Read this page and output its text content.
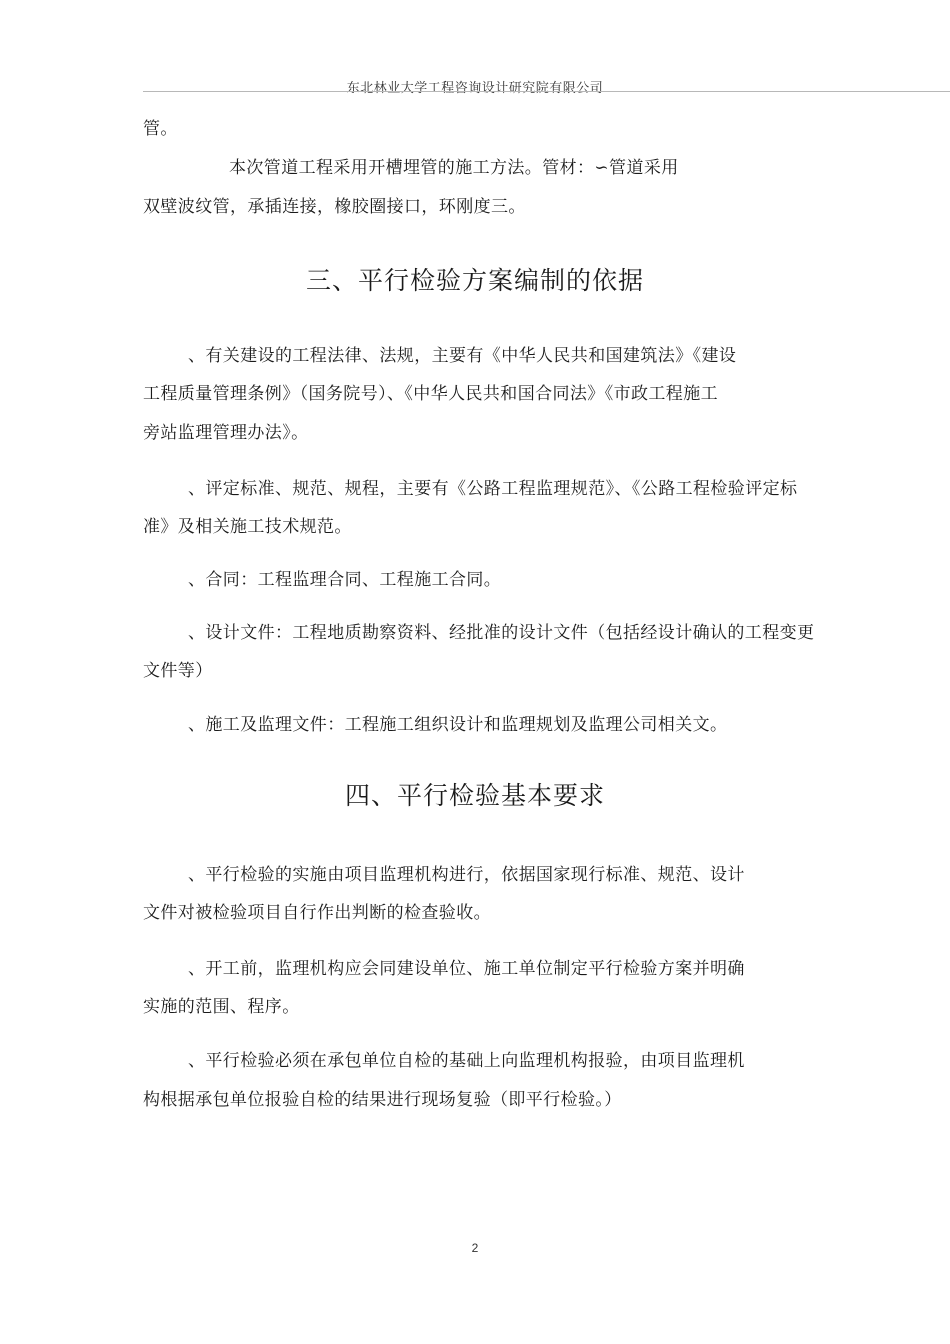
东北林业大学工程咨询设计研究院有限公司
管。
本次管道工程采用开槽埋管的施工方法。管材：∽管道采用
双壁波纹管，承插连接，橡胶圈接口，环刚度三。
三、平行检验方案编制的依据
、有关建设的工程法律、法规，主要有《中华人民共和国建筑法》《建设
工程质量管理条例》（国务院号）、《中华人民共和国合同法》《市政工程施工
旁站监理管理办法》。
、评定标准、规范、规程，主要有《公路工程监理规范》、《公路工程检验评定标
准》及相关施工技术规范。
、合同：工程监理合同、工程施工合同。
、设计文件：工程地质勘察资料、经批准的设计文件（包括经设计确认的工程变更
文件等）
、施工及监理文件：工程施工组织设计和监理规划及监理公司相关文。
四、平行检验基本要求
、平行检验的实施由项目监理机构进行，依据国家现行标准、规范、设计
文件对被检验项目自行作出判断的检查验收。
、开工前，监理机构应会同建设单位、施工单位制定平行检验方案并明确
实施的范围、程序。
、平行检验必须在承包单位自检的基础上向监理机构报验，由项目监理机
构根据承包单位报验自检的结果进行现场复验（即平行检验。）
2
